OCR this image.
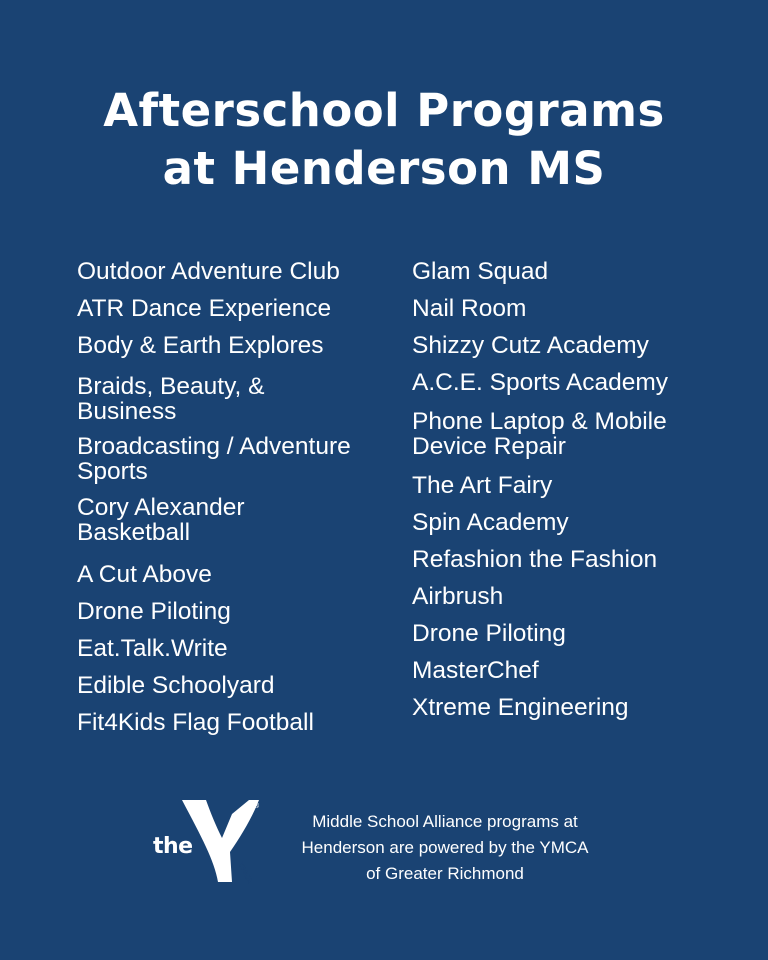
Afterschool Programs
at Henderson MS
Outdoor Adventure Club
ATR Dance Experience
Body & Earth Explores
Braids, Beauty, &
Business
Broadcasting / Adventure
Sports
Cory Alexander
Basketball
A Cut Above
Drone Piloting
Eat.Talk.Write
Edible Schoolyard
Fit4Kids Flag Football
Glam Squad
Nail Room
Shizzy Cutz Academy
A.C.E. Sports Academy
Phone Laptop & Mobile
Device Repair
The Art Fairy
Spin Academy
Refashion the Fashion
Airbrush
Drone Piloting
MasterChef
Xtreme Engineering
the
®
YMCA
Middle School Alliance programs at
Henderson are powered by the YMCA
of Greater Richmond
